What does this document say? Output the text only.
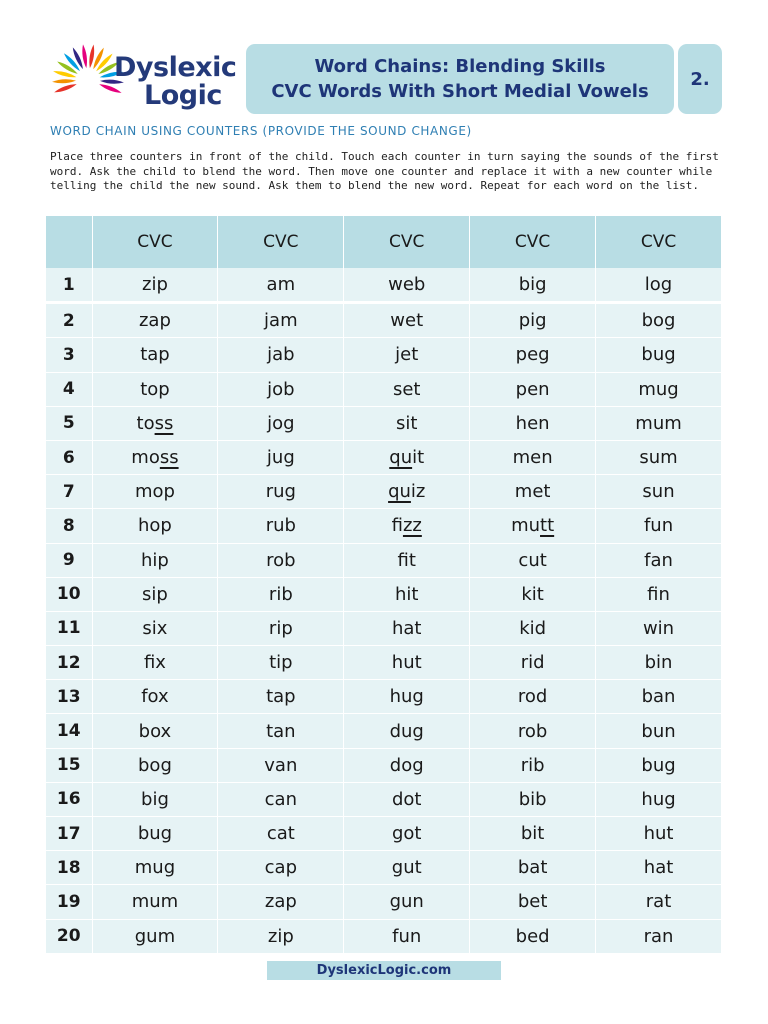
Dyslexic
Logic
Word Chains: Blending Skills
CVC Words With Short Medial Vowels
2.
WORD CHAIN USING COUNTERS (PROVIDE THE SOUND CHANGE)
Place three counters in front of the child. Touch each counter in turn saying the sounds of the first word. Ask the child to blend the word. Then move one counter and replace it with a new counter while telling the child the new sound. Ask them to blend the new word. Repeat for each word on the list.
	CVC	CVC	CVC	CVC	CVC
1	zip	am	web	big	log
2	zap	jam	wet	pig	bog
3	tap	jab	jet	peg	bug
4	top	job	set	pen	mug
5	toss	jog	sit	hen	mum
6	moss	jug	quit	men	sum
7	mop	rug	quiz	met	sun
8	hop	rub	fizz	mutt	fun
9	hip	rob	fit	cut	fan
10	sip	rib	hit	kit	fin
11	six	rip	hat	kid	win
12	fix	tip	hut	rid	bin
13	fox	tap	hug	rod	ban
14	box	tan	dug	rob	bun
15	bog	van	dog	rib	bug
16	big	can	dot	bib	hug
17	bug	cat	got	bit	hut
18	mug	cap	gut	bat	hat
19	mum	zap	gun	bet	rat
20	gum	zip	fun	bed	ran
DyslexicLogic.com
